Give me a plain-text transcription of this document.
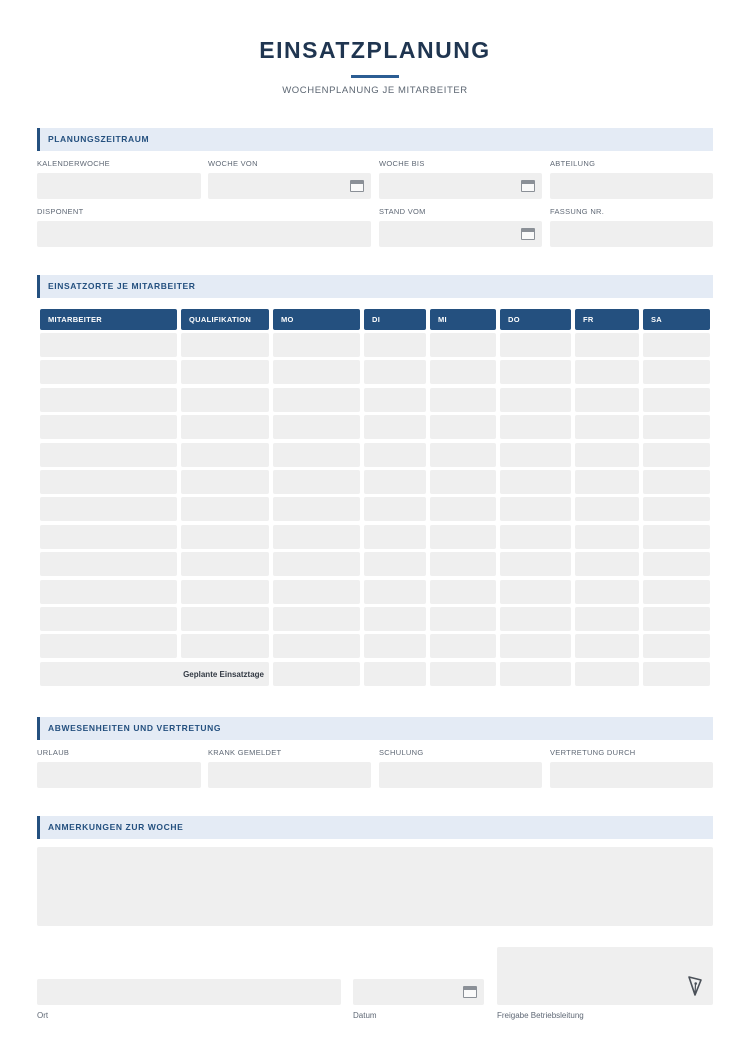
EINSATZPLANUNG
WOCHENPLANUNG JE MITARBEITER
PLANUNGSZEITRAUM
KALENDERWOCHE	WOCHE VON	WOCHE BIS	ABTEILUNG
DISPONENT	STAND VOM	FASSUNG NR.
EINSATZORTE JE MITARBEITER
MITARBEITER	QUALIFIKATION	MO	DI	MI	DO	FR	SA
Geplante Einsatztage
ABWESENHEITEN UND VERTRETUNG
URLAUB	KRANK GEMELDET	SCHULUNG	VERTRETUNG DURCH
ANMERKUNGEN ZUR WOCHE
Ort	Datum	Freigabe Betriebsleitung
